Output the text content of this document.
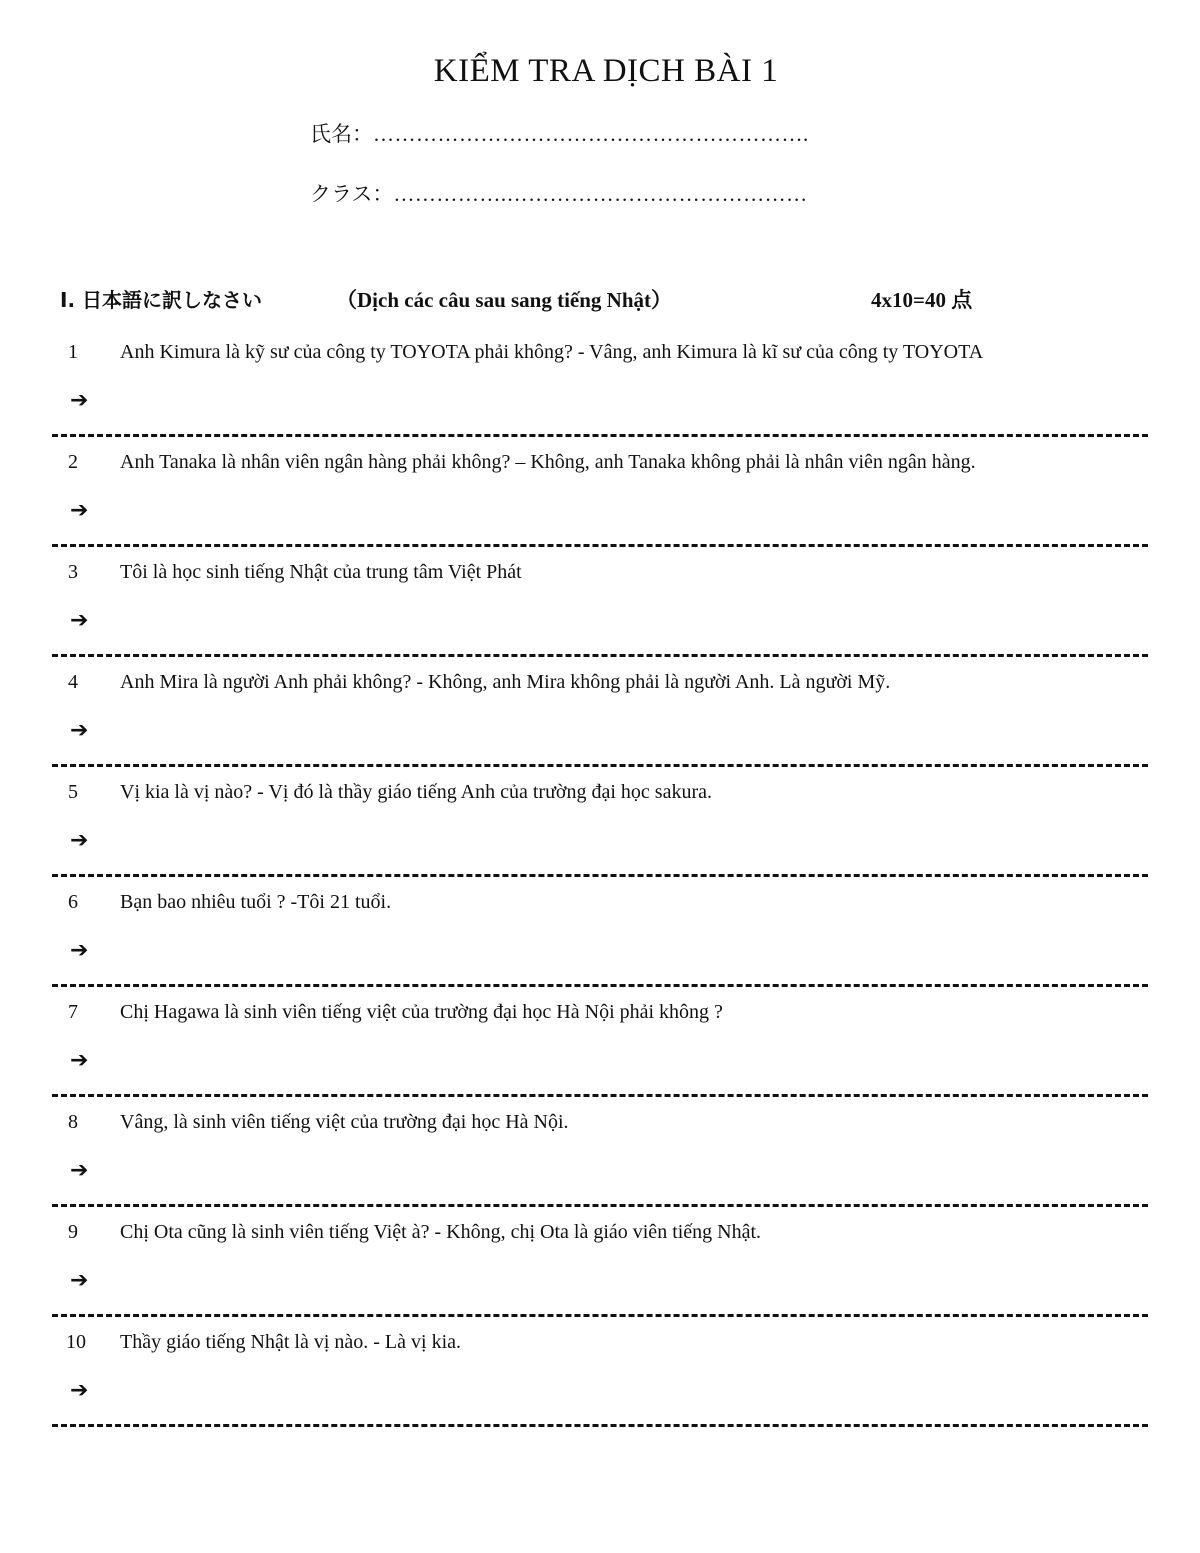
KIỂM TRA DỊCH BÀI 1
氏名：…………………………………………………….
クラス：…………….……………………………………
I. 日本語に訳しなさい	（Dịch các câu sau sang tiếng Nhật）	4x10=40 点
1 Anh Kimura là kỹ sư của công ty TOYOTA phải không? - Vâng, anh Kimura là kĩ sư của công ty TOYOTA
➔
2 Anh Tanaka là nhân viên ngân hàng phải không? – Không, anh Tanaka không phải là nhân viên ngân hàng.
➔
3 Tôi là học sinh tiếng Nhật của trung tâm Việt Phát
➔
4 Anh Mira là người Anh phải không? - Không, anh Mira không phải là người Anh. Là người Mỹ.
➔
5 Vị kia là vị nào? - Vị đó là thầy giáo tiếng Anh của trường đại học sakura.
➔
6 Bạn bao nhiêu tuổi ? -Tôi 21 tuổi.
➔
7 Chị Hagawa là sinh viên tiếng việt của trường đại học Hà Nội phải không ?
➔
8 Vâng, là sinh viên tiếng việt của trường đại học Hà Nội.
➔
9 Chị Ota cũng là sinh viên tiếng Việt à? - Không, chị Ota là giáo viên tiếng Nhật.
➔
10 Thầy giáo tiếng Nhật là vị nào. - Là vị kia.
➔
